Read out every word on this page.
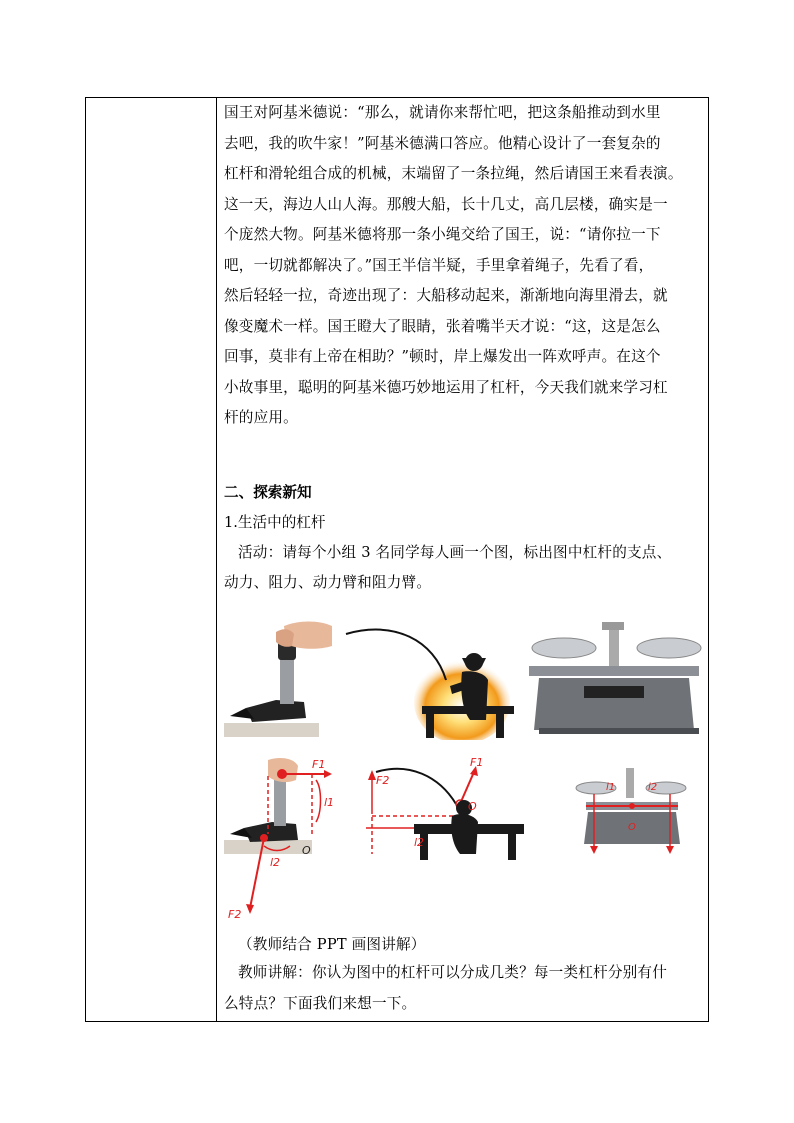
国王对阿基米德说：“那么，就请你来帮忙吧，把这条船推动到水里

去吧，我的吹牛家！”阿基米德满口答应。他精心设计了一套复杂的

杠杆和滑轮组合成的机械，末端留了一条拉绳，然后请国王来看表演。

这一天，海边人山人海。那艘大船，长十几丈，高几层楼，确实是一

个庞然大物。阿基米德将那一条小绳交给了国王，说：“请你拉一下

吧，一切就都解决了。”国王半信半疑，手里拿着绳子，先看了看，

然后轻轻一拉，奇迹出现了：大船移动起来，渐渐地向海里滑去，就

像变魔术一样。国王瞪大了眼睛，张着嘴半天才说：“这，这是怎么

回事，莫非有上帝在相助？”顿时，岸上爆发出一阵欢呼声。在这个

小故事里，聪明的阿基米德巧妙地运用了杠杆，今天我们就来学习杠

杆的应用。

二、探索新知
1.生活中的杠杆

活动：请每个小组 3 名同学每人画一个图，标出图中杠杆的支点、

动力、阻力、动力臂和阻力臂。

F1
l1
O
l2
F2
F2
F1
O
l2
l1	l2
O

（教师结合 PPT 画图讲解）

教师讲解：你认为图中的杠杆可以分成几类？每一类杠杆分别有什

么特点？下面我们来想一下。
